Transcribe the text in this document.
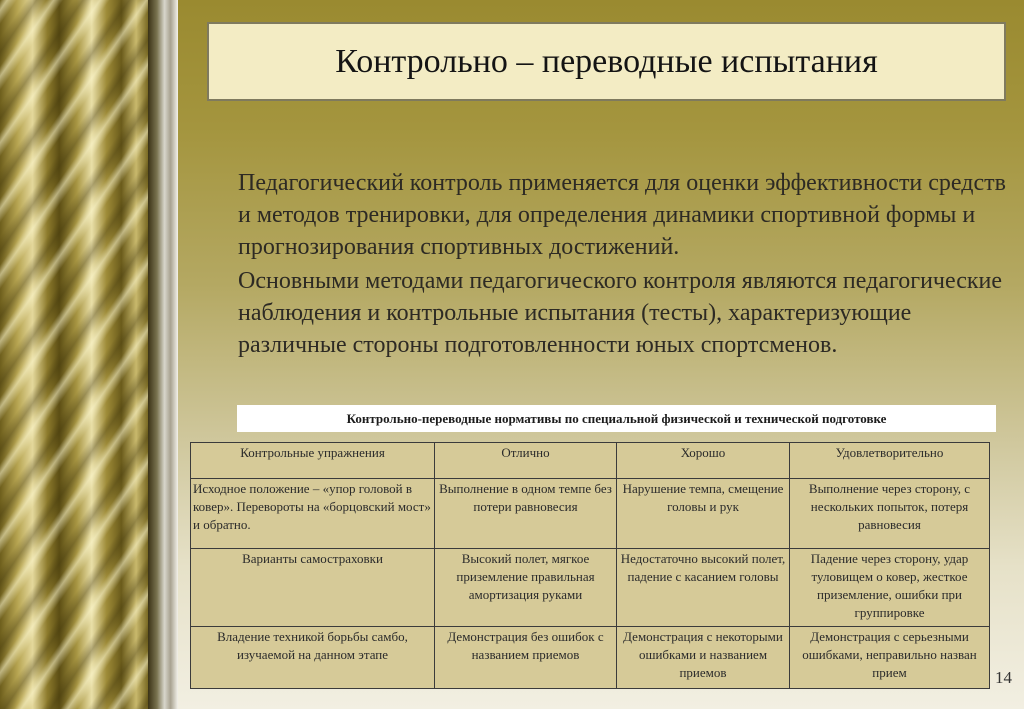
Контрольно – переводные испытания

Педагогический контроль применяется для оценки эффективности средств и методов тренировки, для определения динамики спортивной формы и прогнозирования спортивных достижений.

Основными методами педагогического контроля являются педагогические наблюдения и контрольные испытания (тесты), характеризующие различные стороны подготовленности юных спортсменов.

Контрольно-переводные нормативы по специальной физической и технической подготовке
Контрольные упражнения	Отлично	Хорошо	Удовлетворительно
Исходное положение – «упор головой в ковер». Перевороты на «борцовский мост» и обратно.	Выполнение в одном темпе без потери равновесия	Нарушение темпа, смещение головы и рук	Выполнение через сторону, с нескольких попыток, потеря равновесия
Варианты самостраховки	Высокий полет, мягкое приземление правильная амортизация руками	Недостаточно высокий полет, падение с касанием головы	Падение через сторону, удар туловищем о ковер, жесткое приземление, ошибки при группировке
Владение техникой борьбы самбо, изучаемой на данном этапе	Демонстрация без ошибок с названием приемов	Демонстрация с некоторыми ошибками и названием приемов	Демонстрация с серьезными ошибками, неправильно назван прием	14
